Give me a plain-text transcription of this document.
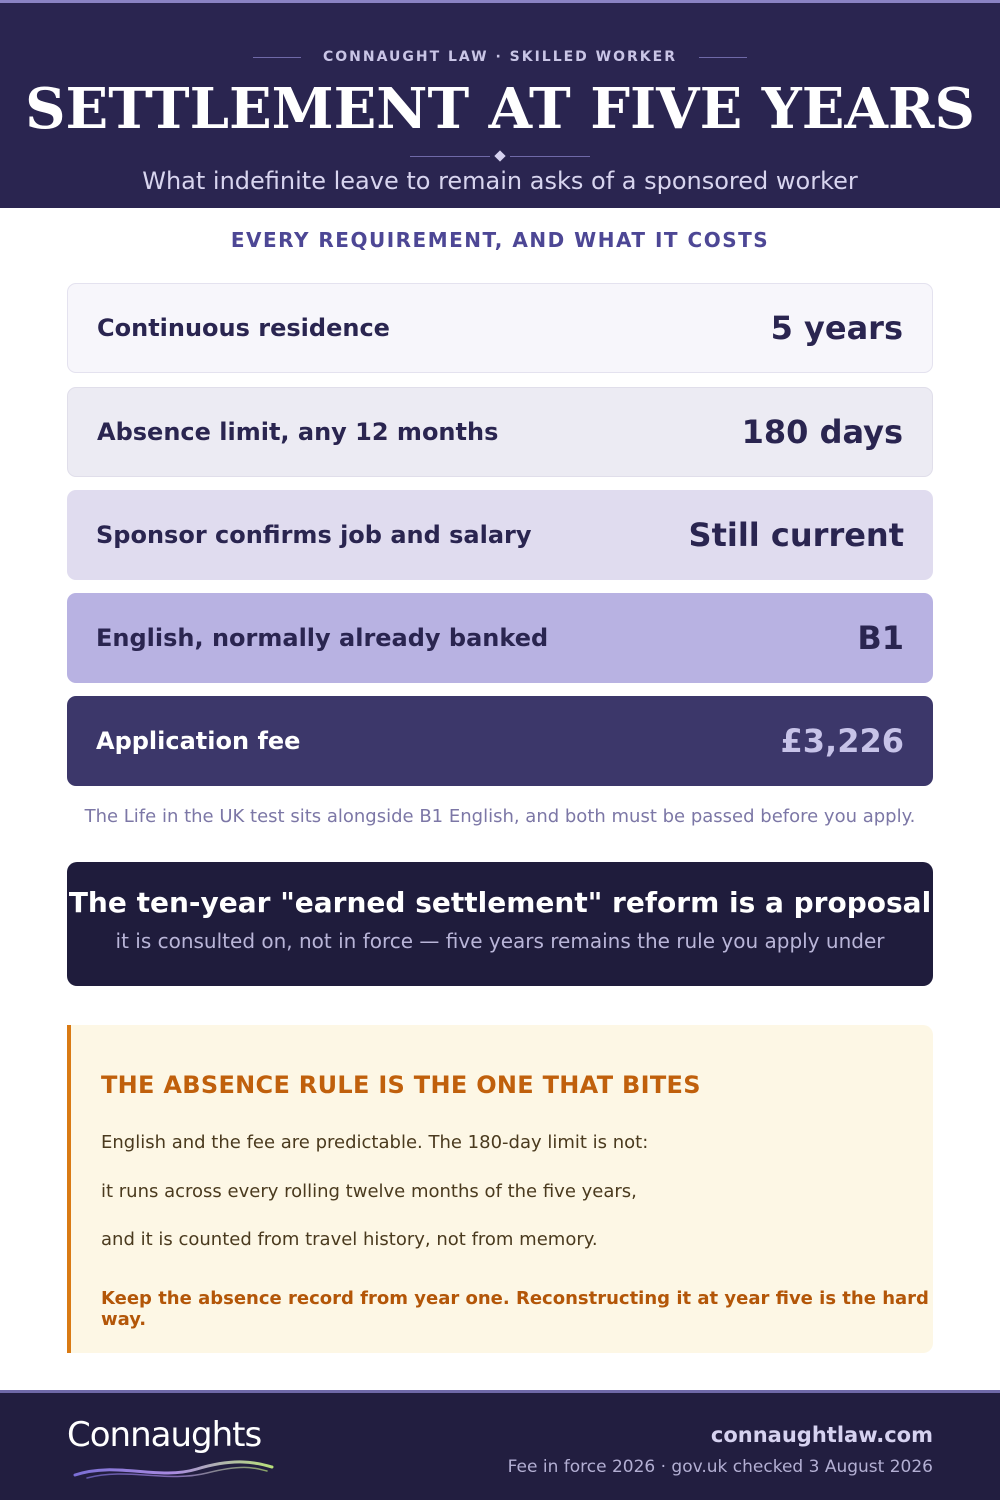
CONNAUGHT LAW · SKILLED WORKER
SETTLEMENT AT FIVE YEARS
What indefinite leave to remain asks of a sponsored worker
EVERY REQUIREMENT, AND WHAT IT COSTS
Continuous residence	5 years
Absence limit, any 12 months	180 days
Sponsor confirms job and salary	Still current
English, normally already banked	B1
Application fee	£3,226
The Life in the UK test sits alongside B1 English, and both must be passed before you apply.
The ten-year "earned settlement" reform is a proposal
it is consulted on, not in force — five years remains the rule you apply under
THE ABSENCE RULE IS THE ONE THAT BITES
English and the fee are predictable. The 180-day limit is not:
it runs across every rolling twelve months of the five years,
and it is counted from travel history, not from memory.
Keep the absence record from year one. Reconstructing it at year five is the hard way.
Connaughts	connaughtlaw.com
Fee in force 2026 · gov.uk checked 3 August 2026
